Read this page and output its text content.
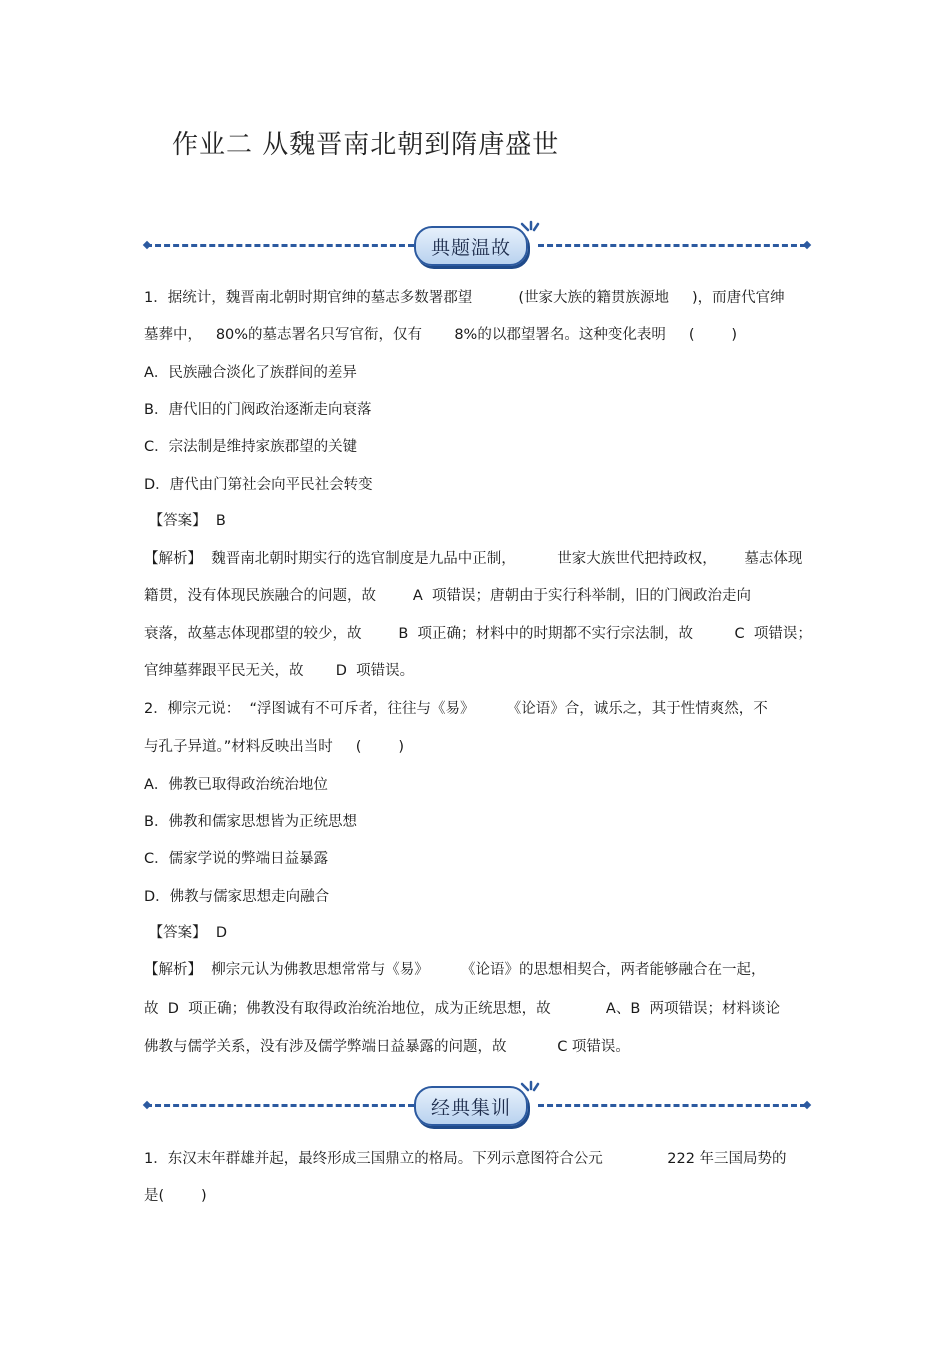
作业二 从魏晋南北朝到隋唐盛世
典题温故
经典集训
1．据统计，魏晋南北朝时期官绅的墓志多数署郡望          (世家大族的籍贯族源地     )，而唐代官绅
墓葬中，   80%的墓志署名只写官衔，仅有       8%的以郡望署名。这种变化表明     (        )
A．民族融合淡化了族群间的差异
B．唐代旧的门阀政治逐渐走向衰落
C．宗法制是维持家族郡望的关键
D．唐代由门第社会向平民社会转变
【答案】  B
【解析】  魏晋南北朝时期实行的选官制度是九品中正制，         世家大族世代把持政权，      墓志体现
籍贯，没有体现民族融合的问题，故        A  项错误；唐朝由于实行科举制，旧的门阀政治走向
衰落，故墓志体现郡望的较少，故        B  项正确；材料中的时期都不实行宗法制，故         C  项错误；
官绅墓葬跟平民无关，故       D  项错误。
2．柳宗元说：  “浮图诚有不可斥者，往往与《易》       《论语》合，诚乐之，其于性情爽然，不
与孔子异道。”材料反映出当时     (        )
A．佛教已取得政治统治地位
B．佛教和儒家思想皆为正统思想
C．儒家学说的弊端日益暴露
D．佛教与儒家思想走向融合
【答案】  D
【解析】  柳宗元认为佛教思想常常与《易》       《论语》的思想相契合，两者能够融合在一起，
故  D  项正确；佛教没有取得政治统治地位，成为正统思想，故            A、B  两项错误；材料谈论
佛教与儒学关系，没有涉及儒学弊端日益暴露的问题，故           C 项错误。
1．东汉末年群雄并起，最终形成三国鼎立的格局。下列示意图符合公元              222 年三国局势的
是(        )
